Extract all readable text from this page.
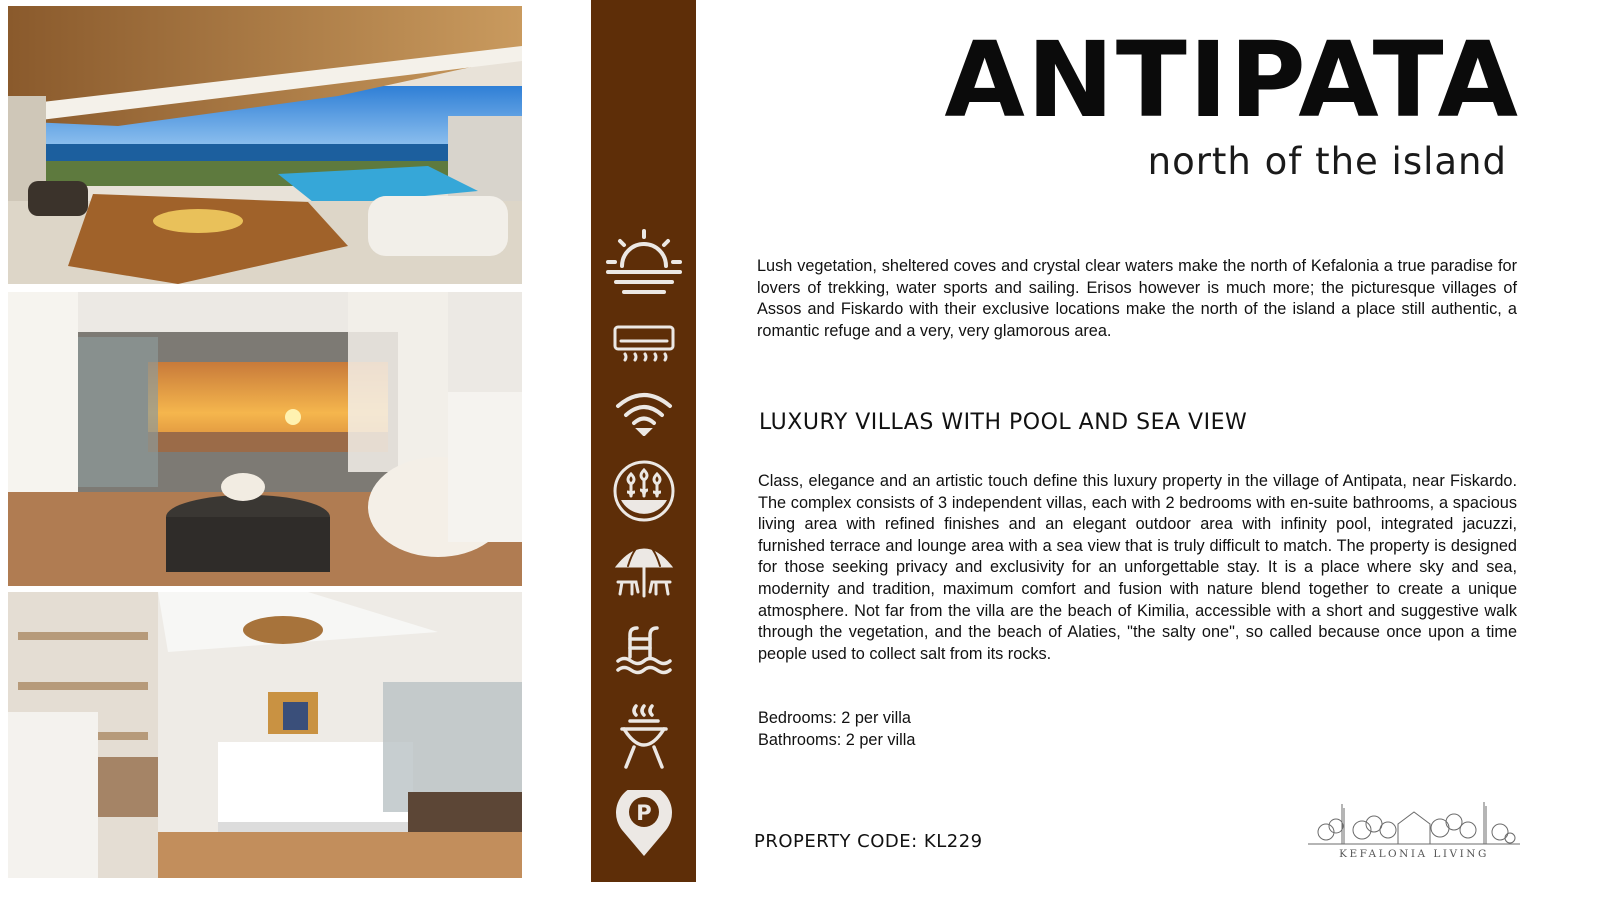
P
ANTIPATA
north of the island

Lush vegetation, sheltered coves and crystal clear waters make the north of Kefalonia a true paradise for lovers of trekking, water sports and sailing. Erisos however is much more; the picturesque villages of Assos and Fiskardo with their exclusive locations make the north of the island a place still authentic, a romantic refuge and a very, very glamorous area.

LUXURY VILLAS WITH POOL AND SEA VIEW

Class, elegance and an artistic touch define this luxury property in the village of Antipata, near Fiskardo. The complex consists of 3 independent villas, each with 2 bedrooms with en-suite bathrooms, a spacious living area with refined finishes and an elegant outdoor area with infinity pool, integrated jacuzzi, furnished terrace and lounge area with a sea view that is truly difficult to match. The property is designed for those seeking privacy and exclusivity for an unforgettable stay. It is a place where sky and sea, modernity and tradition, maximum comfort and fusion with nature blend together to create a unique atmosphere. Not far from the villa are the beach of Kimilia, accessible with a short and suggestive walk through the vegetation, and the beach of Alaties, "the salty one", so called because once upon a time people used to collect salt from its rocks.

Bedrooms: 2 per villa
Bathrooms: 2 per villa
PROPERTY CODE: KL229
KEFALONIA LIVING
